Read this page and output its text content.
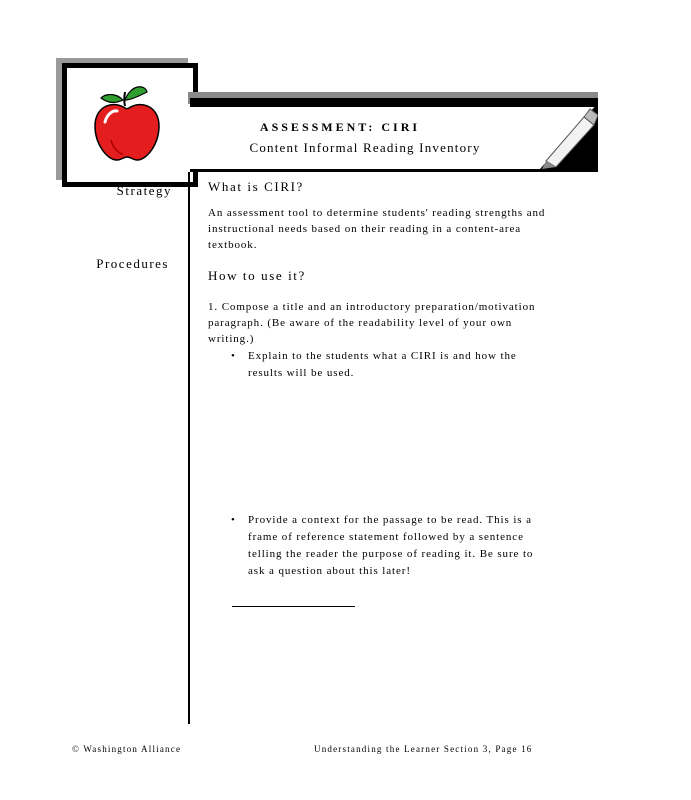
ASSESSMENT: CIRI
Content Informal Reading Inventory
Strategy
Procedures
What is CIRI?
An assessment tool to determine students' reading strengths and instructional needs based on their reading in a content-area textbook.
How to use it?
1. Compose a title and an introductory preparation/motivation paragraph. (Be aware of the readability level of your own writing.)
• Explain to the students what a CIRI is and how the results will be used.
• Provide a context for the passage to be read. This is a frame of reference statement followed by a sentence telling the reader the purpose of reading it. Be sure to ask a question about this later!
© Washington Alliance	Understanding the Learner Section 3, Page 16
